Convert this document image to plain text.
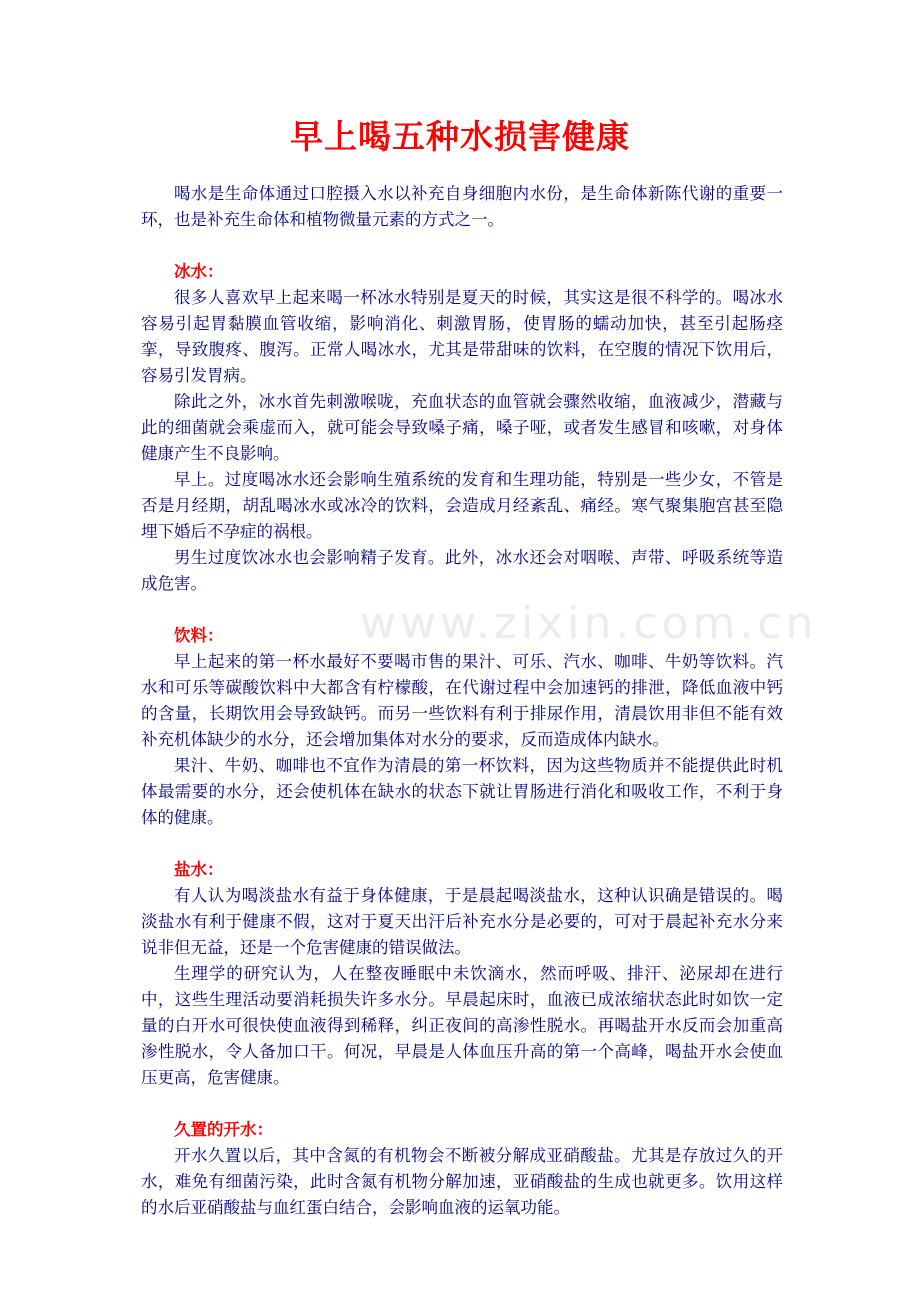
www.zixin.com.cn
早上喝五种水损害健康

喝水是生命体通过口腔摄入水以补充自身细胞内水份，是生命体新陈代谢的重要一环，也是补充生命体和植物微量元素的方式之一。

冰水：

很多人喜欢早上起来喝一杯冰水特别是夏天的时候，其实这是很不科学的。喝冰水容易引起胃黏膜血管收缩，影响消化、刺激胃肠，使胃肠的蠕动加快，甚至引起肠痉挛，导致腹疼、腹泻。正常人喝冰水，尤其是带甜味的饮料，在空腹的情况下饮用后，容易引发胃病。

除此之外，冰水首先刺激喉咙，充血状态的血管就会骤然收缩，血液减少，潜藏与此的细菌就会乘虚而入，就可能会导致嗓子痛，嗓子哑，或者发生感冒和咳嗽，对身体健康产生不良影响。

早上。过度喝冰水还会影响生殖系统的发育和生理功能，特别是一些少女，不管是否是月经期，胡乱喝冰水或冰冷的饮料，会造成月经紊乱、痛经。寒气聚集胞宫甚至隐埋下婚后不孕症的祸根。

男生过度饮冰水也会影响精子发育。此外，冰水还会对咽喉、声带、呼吸系统等造成危害。

饮料：

早上起来的第一杯水最好不要喝市售的果汁、可乐、汽水、咖啡、牛奶等饮料。汽水和可乐等碳酸饮料中大都含有柠檬酸，在代谢过程中会加速钙的排泄，降低血液中钙的含量，长期饮用会导致缺钙。而另一些饮料有利于排尿作用，清晨饮用非但不能有效补充机体缺少的水分，还会增加集体对水分的要求，反而造成体内缺水。

果汁、牛奶、咖啡也不宜作为清晨的第一杯饮料，因为这些物质并不能提供此时机体最需要的水分，还会使机体在缺水的状态下就让胃肠进行消化和吸收工作，不利于身体的健康。

盐水：

有人认为喝淡盐水有益于身体健康，于是晨起喝淡盐水，这种认识确是错误的。喝淡盐水有利于健康不假，这对于夏天出汗后补充水分是必要的，可对于晨起补充水分来说非但无益，还是一个危害健康的错误做法。

生理学的研究认为，人在整夜睡眠中未饮滴水，然而呼吸、排汗、泌尿却在进行中，这些生理活动要消耗损失许多水分。早晨起床时，血液已成浓缩状态此时如饮一定量的白开水可很快使血液得到稀释，纠正夜间的高渗性脱水。再喝盐开水反而会加重高渗性脱水，令人备加口干。何况，早晨是人体血压升高的第一个高峰，喝盐开水会使血压更高，危害健康。

久置的开水：

开水久置以后，其中含氮的有机物会不断被分解成亚硝酸盐。尤其是存放过久的开水，难免有细菌污染，此时含氮有机物分解加速，亚硝酸盐的生成也就更多。饮用这样的水后亚硝酸盐与血红蛋白结合，会影响血液的运氧功能。
